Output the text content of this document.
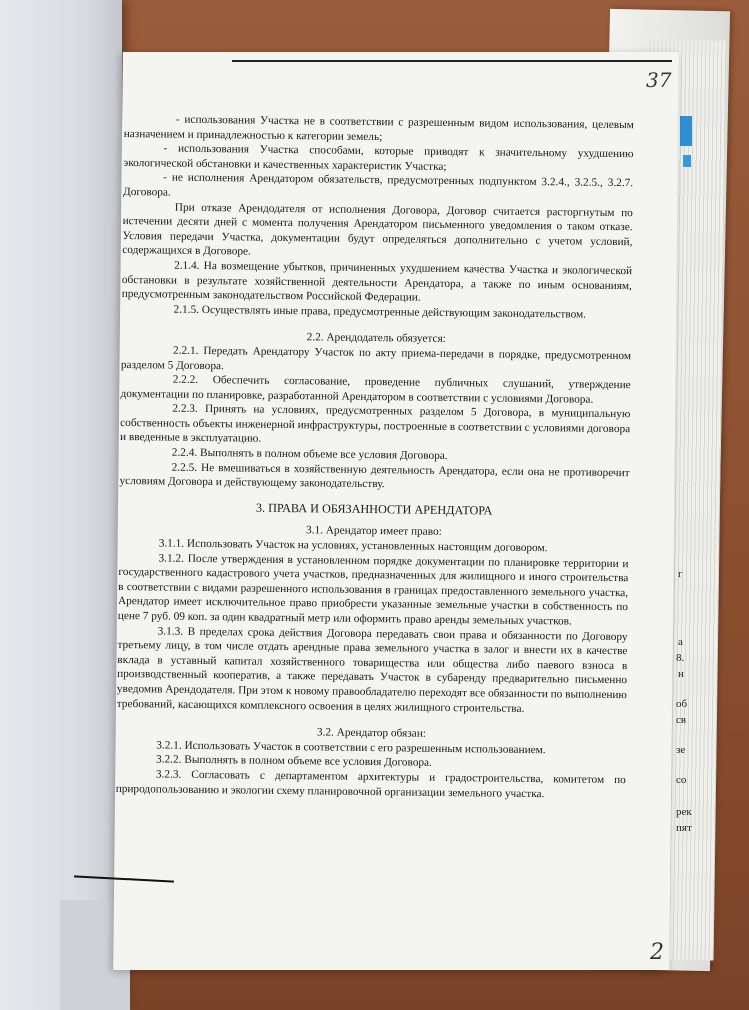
37

- использования Участка не в соответствии с разрешенным видом использования, целевым назначением и принадлежностью к категории земель;

- использования Участка способами, которые приводят к значительному ухудшению экологической обстановки и качественных характеристик Участка;

- не исполнения Арендатором обязательств, предусмотренных подпунктом 3.2.4., 3.2.5., 3.2.7. Договора.

При отказе Арендодателя от исполнения Договора, Договор считается расторгнутым по истечении десяти дней с момента получения Арендатором письменного уведомления о таком отказе. Условия передачи Участка, документации будут определяться дополнительно с учетом условий, содержащихся в Договоре.

2.1.4. На возмещение убытков, причиненных ухудшением качества Участка и экологической обстановки в результате хозяйственной деятельности Арендатора, а также по иным основаниям, предусмотренным законодательством Российской Федерации.

2.1.5. Осуществлять иные права, предусмотренные действующим законодательством.

2.2. Арендодатель обязуется:

2.2.1. Передать Арендатору Участок по акту приема-передачи в порядке, предусмотренном разделом 5 Договора.

2.2.2. Обеспечить согласование, проведение публичных слушаний, утверждение документации по планировке, разработанной Арендатором в соответствии с условиями Договора.

2.2.3. Принять на условиях, предусмотренных разделом 5 Договора, в муниципальную собственность объекты инженерной инфраструктуры, построенные в соответствии с условиями договора и введенные в эксплуатацию.

2.2.4. Выполнять в полном объеме все условия Договора.

2.2.5. Не вмешиваться в хозяйственную деятельность Арендатора, если она не противоречит условиям Договора и действующему законодательству.

3. ПРАВА И ОБЯЗАННОСТИ АРЕНДАТОРА

3.1. Арендатор имеет право:

3.1.1. Использовать Участок на условиях, установленных настоящим договором.

3.1.2. После утверждения в установленном порядке документации по планировке территории и государственного кадастрового учета участков, предназначенных для жилищного и иного строительства в соответствии с видами разрешенного использования в границах предоставленного земельного участка, Арендатор имеет исключительное право приобрести указанные земельные участки в собственность по цене 7 руб. 09 коп. за один квадратный метр или оформить право аренды земельных участков.

3.1.3. В пределах срока действия Договора передавать свои права и обязанности по Договору третьему лицу, в том числе отдать арендные права земельного участка в залог и внести их в качестве вклада в уставный капитал хозяйственного товарищества или общества либо паевого взноса в производственный кооператив, а также передавать Участок в субаренду предварительно письменно уведомив Арендодателя. При этом к новому правообладателю переходят все обязанности по выполнению требований, касающихся комплексного освоения в целях жилищного строительства.

3.2. Арендатор обязан:

3.2.1. Использовать Участок в соответствии с его разрешенным использованием.

3.2.2. Выполнять в полном объеме все условия Договора.

3.2.3. Согласовать с департаментом архитектуры и градостроительства, комитетом по природопользованию и экологии схему планировочной организации земельного участка.

г
а
8.
н
об
св
зе
со
рек
пят
2
